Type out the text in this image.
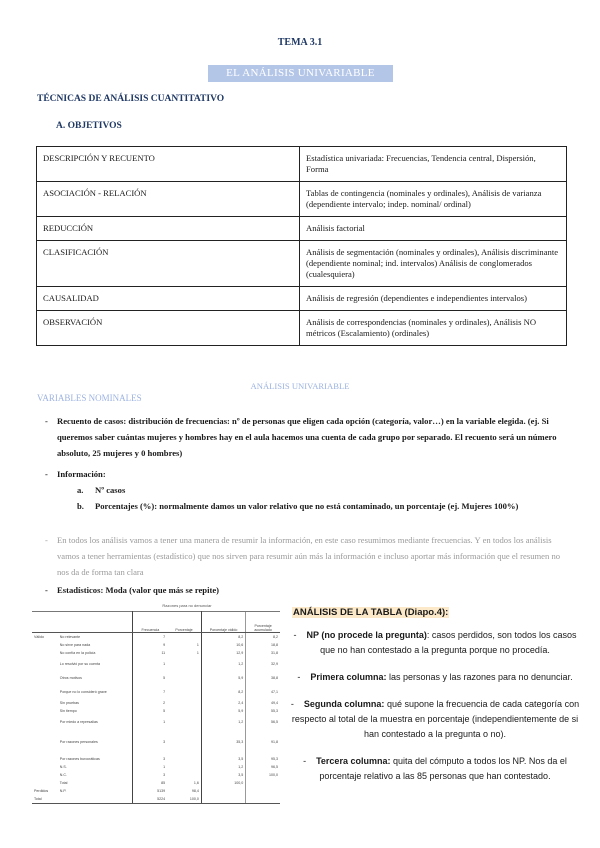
TEMA 3.1
EL ANÁLISIS UNIVARIABLE
TÉCNICAS DE ANÁLISIS CUANTITATIVO
A. OBJETIVOS
DESCRIPCIÓN Y RECUENTO	Estadística univariada: Frecuencias, Tendencia central, Dispersión, Forma
ASOCIACIÓN - RELACIÓN	Tablas de contingencia (nominales y ordinales), Análisis de varianza (dependiente intervalo; indep. nominal/ ordinal)
REDUCCIÓN	Análisis factorial
CLASIFICACIÓN	Análisis de segmentación (nominales y ordinales), Análisis discriminante (dependiente nominal; ind. intervalos) Análisis de conglomerados (cualesquiera)
CAUSALIDAD	Análisis de regresión (dependientes e independientes intervalos)
OBSERVACIÓN	Análisis de correspondencias (nominales y ordinales), Análisis NO métricos (Escalamiento) (ordinales)
ANÁLISIS UNIVARIABLE
VARIABLES NOMINALES
- Recuento de casos: distribución de frecuencias: nº de personas que eligen cada opción (categoría, valor…) en la variable elegida. (ej. Si queremos saber cuántas mujeres y hombres hay en el aula hacemos una cuenta de cada grupo por separado. El recuento será un número absoluto, 25 mujeres y 0 hombres)
- Información:
a. Nº casos
b. Porcentajes (%): normalmente damos un valor relativo que no está contaminado, un porcentaje (ej. Mujeres 100%)
- En todos los análisis vamos a tener una manera de resumir la información, en este caso resumimos mediante frecuencias. Y en todos los análisis vamos a tener herramientas (estadístico) que nos sirven para resumir aún más la información e incluso aportar más información que el resumen no nos da de forma tan clara
- Estadísticos: Moda (valor que más se repite)
Razones para no denunciar
		Frecuencia	Porcentaje	Porcentaje válido	Porcentaje acumulado
Válido	No relevante	7		8,2	8,2
	No sirve para nada	9	1	10,6	18,8
	No confía en la policía	11	1	12,9	31,8
	Lo resolvió por su cuenta	1		1,2	32,9
	Otros motivos	5		5,9	38,8
	Porque no lo consideró grave	7		8,2	47,1
	Sin pruebas	2		2,4	49,4
	Sin tiempo	5		5,9	55,3
	Por miedo a represalias	1		1,2	56,5
	Por razones personales	3		35,3	91,8
	Por razones burocráticas	3		3,5	95,3
	N.S.	1		1,2	96,5
	N.C.	3		3,5	100,0
	Total	85	1,6	100,0	
Perdidos	N.P.	5139	98,4		
Total		5224	100,0		
ANÁLISIS DE LA TABLA (Diapo.4):
- NP (no procede la pregunta): casos perdidos, son todos los casos que no han contestado a la pregunta porque no procedía.
- Primera columna: las personas y las razones para no denunciar.
- Segunda columna: qué supone la frecuencia de cada categoría con respecto al total de la muestra en porcentaje (independientemente de si han contestado a la pregunta o no).
- Tercera columna: quita del cómputo a todos los NP. Nos da el porcentaje relativo a las 85 personas que han contestado.
